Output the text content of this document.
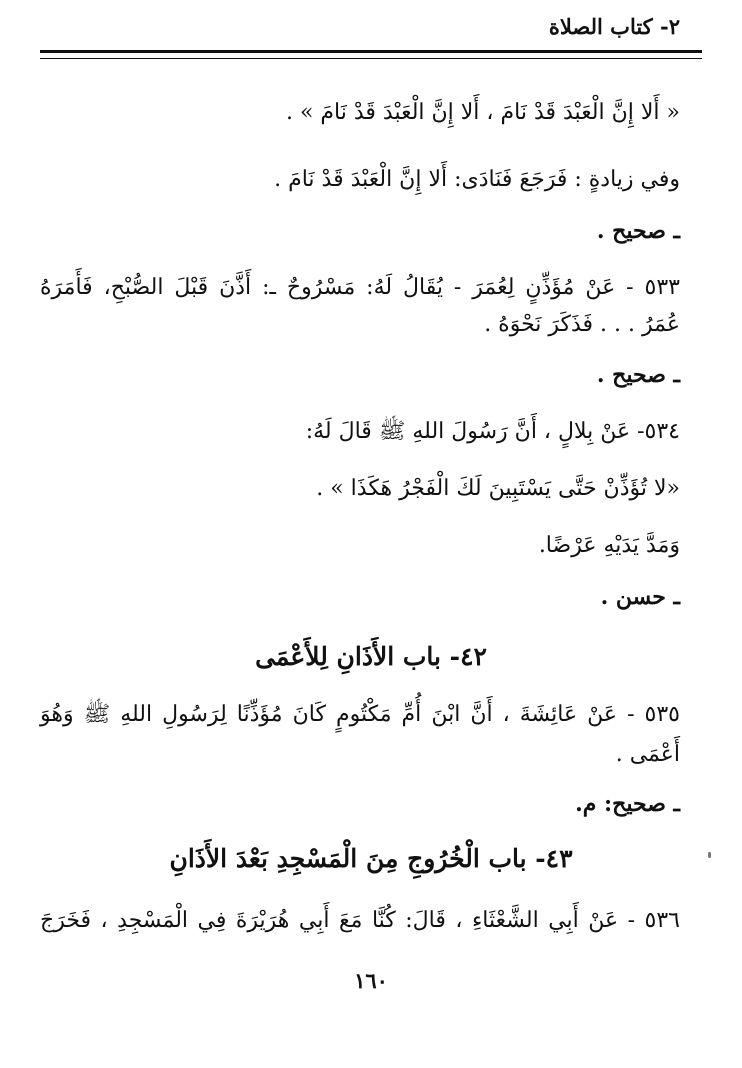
٢- كتاب الصلاة
« أَلا إِنَّ الْعَبْدَ قَدْ نَامَ ، أَلا إِنَّ الْعَبْدَ قَدْ نَامَ » .
وفي زيادةٍ : فَرَجَعَ فَنَادَى: أَلا إِنَّ الْعَبْدَ قَدْ نَامَ .
ـ صحيح .
٥٣٣ - عَنْ مُؤَذِّنٍ لِعُمَرَ - يُقَالُ لَهُ: مَسْرُوحٌ ـ: أَذَّنَ قَبْلَ الصُّبْحِ، فَأَمَرَهُ
عُمَرُ . . . فَذَكَرَ نَحْوَهُ .
ـ صحيح .
٥٣٤- عَنْ بِلالٍ ، أَنَّ رَسُولَ اللهِ ﷺ قَالَ لَهُ:
«لا تُؤَذِّنْ حَتَّى يَسْتَبِينَ لَكَ الْفَجْرُ هَكَذَا » .
وَمَدَّ يَدَيْهِ عَرْضًا.
ـ حسن .
٤٢- باب الأَذَانِ لِلأَعْمَى
٥٣٥ - عَنْ عَائِشَةَ ، أَنَّ ابْنَ أُمِّ مَكْتُومٍ كَانَ مُؤَذِّنًا لِرَسُولِ اللهِ ﷺ وَهُوَ
أَعْمَى .
ـ صحيح: م.
٤٣- باب الْخُرُوجِ مِنَ الْمَسْجِدِ بَعْدَ الأَذَانِ
٥٣٦ - عَنْ أَبِي الشَّعْثَاءِ ، قَالَ: كُنَّا مَعَ أَبِي هُرَيْرَةَ فِي الْمَسْجِدِ ، فَخَرَجَ
١٦٠
